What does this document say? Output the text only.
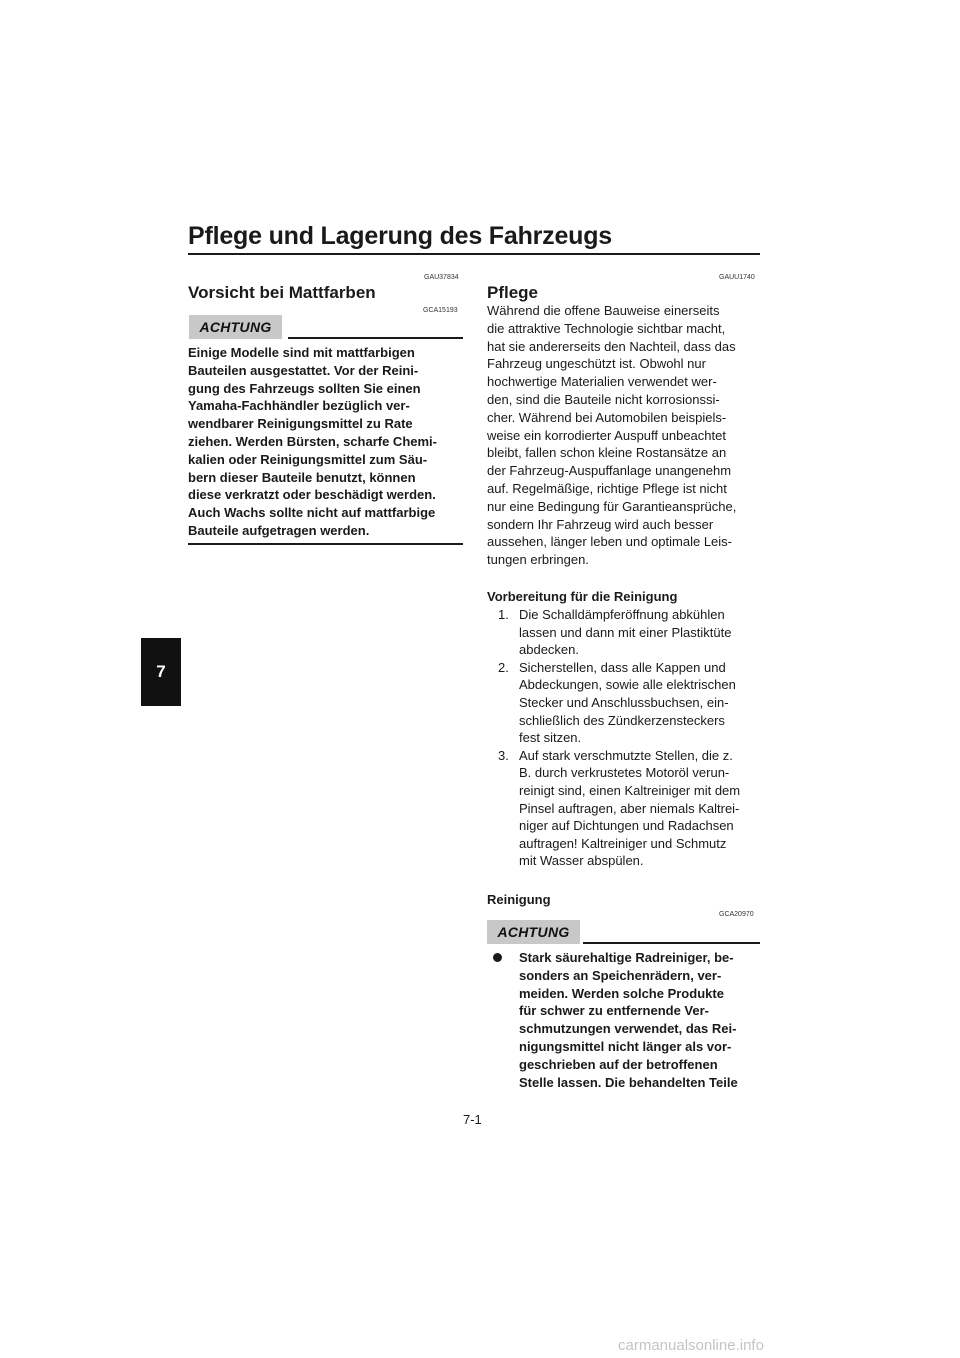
Pflege und Lagerung des Fahrzeugs
7
GAU37834
Vorsicht bei Mattfarben
GCA15193
ACHTUNG
Einige Modelle sind mit mattfarbigen
Bauteilen ausgestattet. Vor der Reini-
gung des Fahrzeugs sollten Sie einen
Yamaha-Fachhändler bezüglich ver-
wendbarer Reinigungsmittel zu Rate
ziehen. Werden Bürsten, scharfe Chemi-
kalien oder Reinigungsmittel zum Säu-
bern dieser Bauteile benutzt, können
diese verkratzt oder beschädigt werden.
Auch Wachs sollte nicht auf mattfarbige
Bauteile aufgetragen werden.
GAUU1740
Pflege
Während die offene Bauweise einerseits
die attraktive Technologie sichtbar macht,
hat sie andererseits den Nachteil, dass das
Fahrzeug ungeschützt ist. Obwohl nur
hochwertige Materialien verwendet wer-
den, sind die Bauteile nicht korrosionssi-
cher. Während bei Automobilen beispiels-
weise ein korrodierter Auspuff unbeachtet
bleibt, fallen schon kleine Rostansätze an
der Fahrzeug-Auspuffanlage unangenehm
auf. Regelmäßige, richtige Pflege ist nicht
nur eine Bedingung für Garantieansprüche,
sondern Ihr Fahrzeug wird auch besser
aussehen, länger leben und optimale Leis-
tungen erbringen.
Vorbereitung für die Reinigung
1. Die Schalldämpferöffnung abkühlen
lassen und dann mit einer Plastiktüte
abdecken.
2. Sicherstellen, dass alle Kappen und
Abdeckungen, sowie alle elektrischen
Stecker und Anschlussbuchsen, ein-
schließlich des Zündkerzensteckers
fest sitzen.
3. Auf stark verschmutzte Stellen, die z.
B. durch verkrustetes Motoröl verun-
reinigt sind, einen Kaltreiniger mit dem
Pinsel auftragen, aber niemals Kaltrei-
niger auf Dichtungen und Radachsen
auftragen! Kaltreiniger und Schmutz
mit Wasser abspülen.
Reinigung
GCA20970
ACHTUNG
Stark säurehaltige Radreiniger, be-
sonders an Speichenrädern, ver-
meiden. Werden solche Produkte
für schwer zu entfernende Ver-
schmutzungen verwendet, das Rei-
nigungsmittel nicht länger als vor-
geschrieben auf der betroffenen
Stelle lassen. Die behandelten Teile
7-1
carmanualsonline.info
